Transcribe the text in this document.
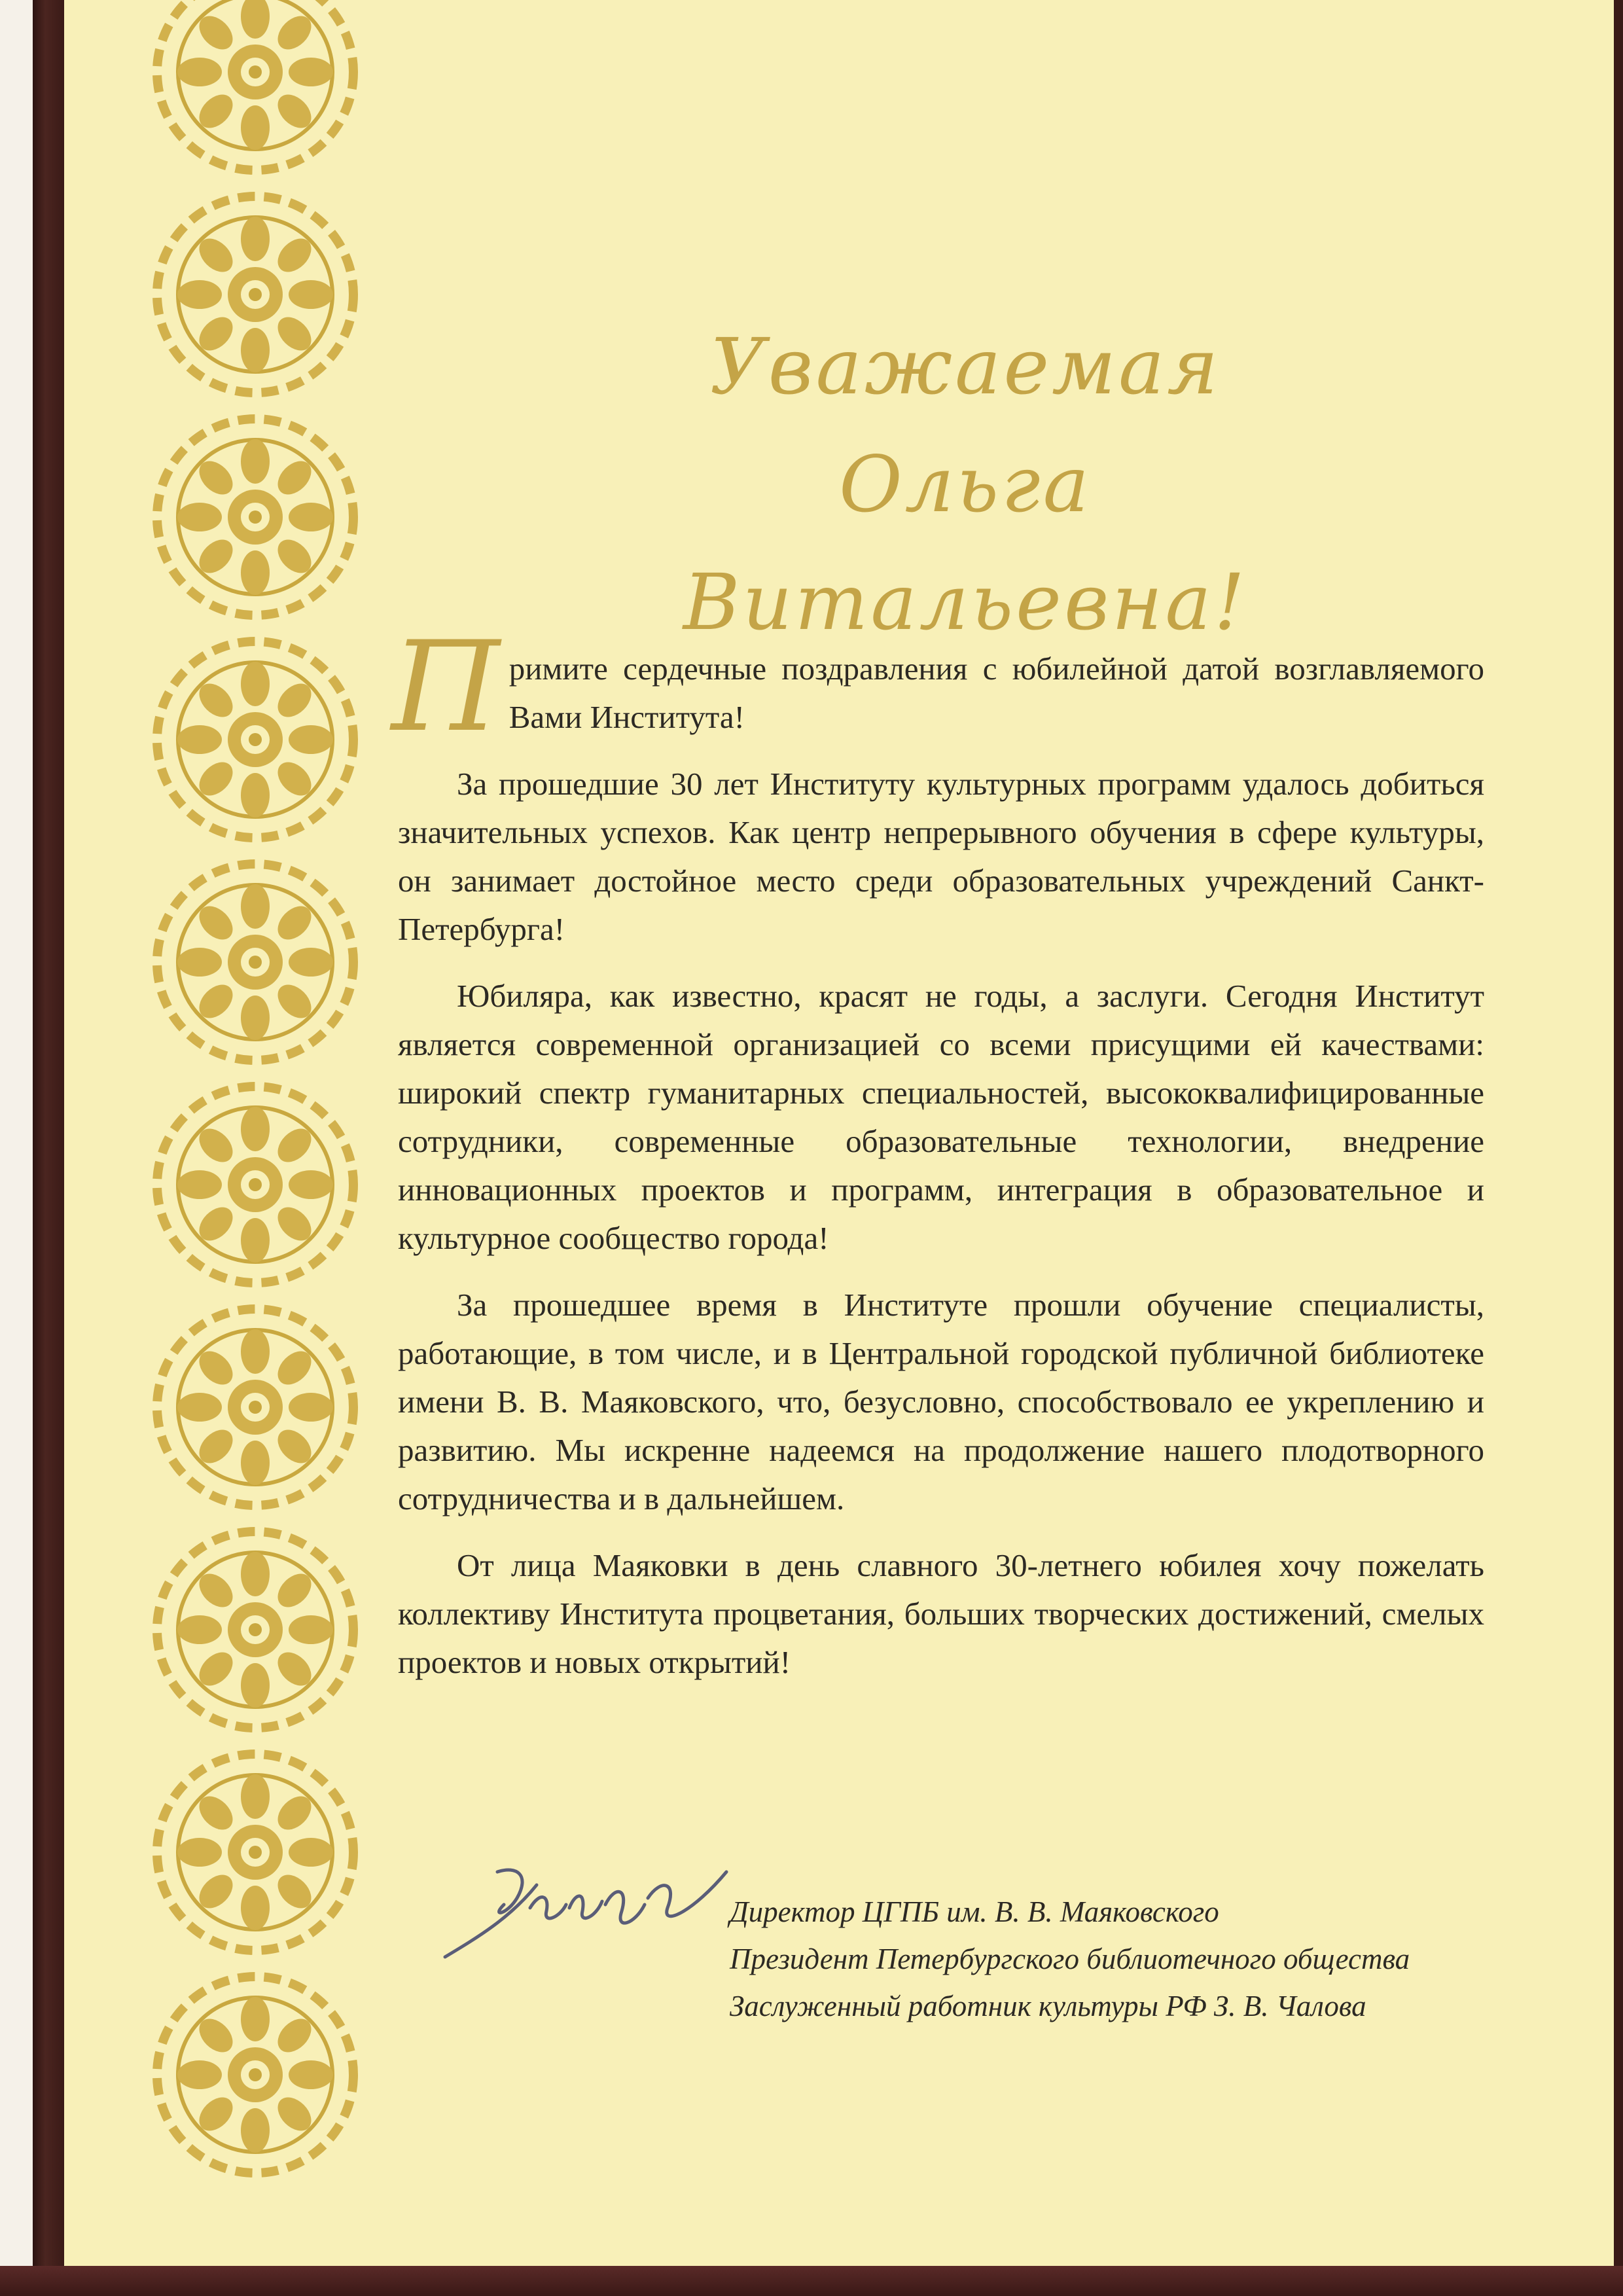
Уважаемая
Ольга Витальевна!

Примите сердечные поздравления с юбилейной датой возглавляемого Вами Института!

За прошедшие 30 лет Институту культурных программ удалось добиться значительных успехов. Как центр непрерывного обучения в сфере культуры, он занимает достойное место среди образовательных учреждений Санкт-Петербурга!

Юбиляра, как известно, красят не годы, а заслуги. Сегодня Институт является современной организацией со всеми присущими ей качествами: широкий спектр гуманитарных специальностей, высококвалифицированные сотрудники, современные образовательные технологии, внедрение инновационных проектов и программ, интеграция в образовательное и культурное сообщество города!

За прошедшее время в Институте прошли обучение специалисты, работающие, в том числе, и в Центральной городской публичной библиотеке имени В. В. Маяковского, что, безусловно, способствовало ее укреплению и развитию. Мы искренне надеемся на продолжение нашего плодотворного сотрудничества и в дальнейшем.

От лица Маяковки в день славного 30-летнего юбилея хочу пожелать коллективу Института процветания, больших творческих достижений, смелых проектов и новых открытий!

Директор ЦГПБ им. В. В. Маяковского
Президент Петербургского библиотечного общества
Заслуженный работник культуры РФ З. В. Чалова
